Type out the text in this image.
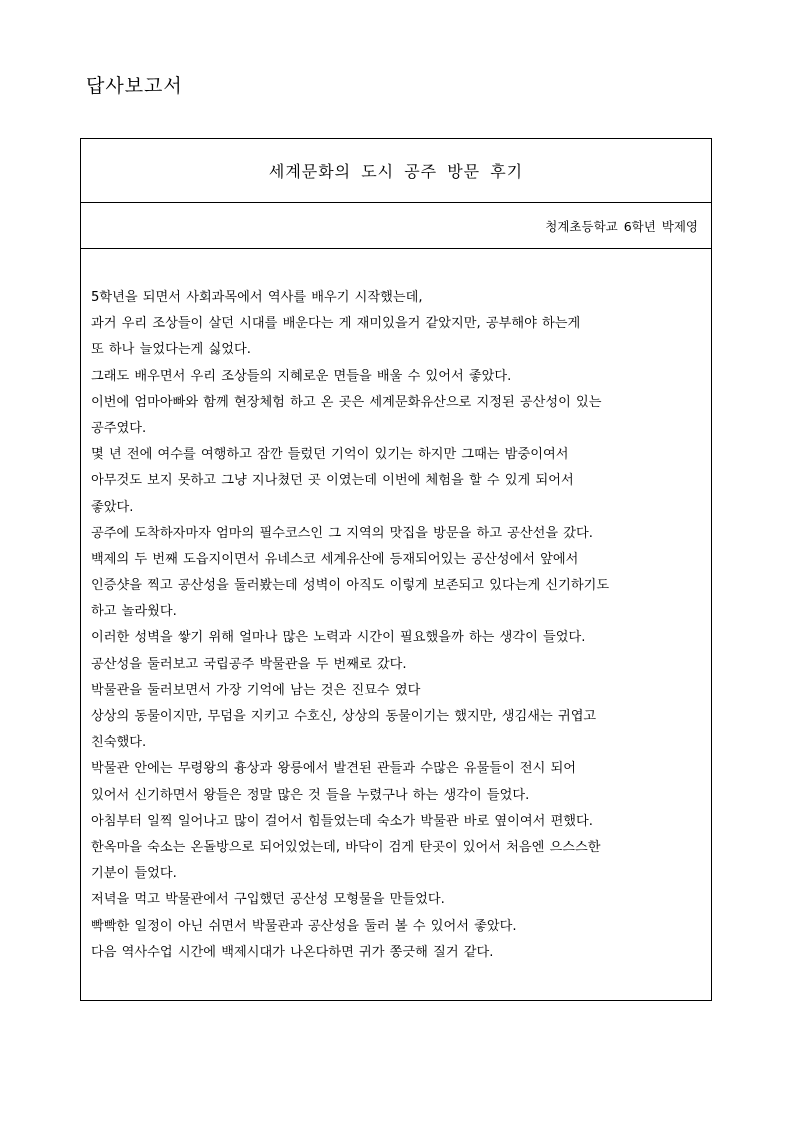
답사보고서
세계문화의 도시 공주 방문 후기
청계초등학교 6학년 박제영
5학년을 되면서 사회과목에서 역사를 배우기 시작했는데,
과거 우리 조상들이 살던 시대를 배운다는 게 재미있을거 같았지만, 공부해야 하는게
또 하나 늘었다는게 싫었다.
그래도 배우면서 우리 조상들의 지혜로운 면들을 배울 수 있어서 좋았다.
이번에 엄마아빠와 함께 현장체험 하고 온 곳은 세계문화유산으로 지정된 공산성이 있는
공주였다.
몇 년 전에 여수를 여행하고 잠깐 들렀던 기억이 있기는 하지만 그때는 밤중이여서
아무것도 보지 못하고 그냥 지나쳤던 곳 이였는데 이번에 체험을 할 수 있게 되어서
좋았다.
공주에 도착하자마자 엄마의 필수코스인 그 지역의 맛집을 방문을 하고 공산선을 갔다.
백제의 두 번째 도읍지이면서 유네스코 세계유산에 등재되어있는 공산성에서 앞에서
인증샷을 찍고 공산성을 둘러봤는데 성벽이 아직도 이렇게 보존되고 있다는게 신기하기도
하고 놀라웠다.
이러한 성벽을 쌓기 위해 얼마나 많은 노력과 시간이 필요했을까 하는 생각이 들었다.
공산성을 둘러보고 국립공주 박물관을 두 번째로 갔다.
박물관을 둘러보면서 가장 기억에 남는 것은 진묘수 였다
상상의 동물이지만, 무덤을 지키고 수호신, 상상의 동물이기는 했지만, 생김새는 귀엽고
친숙했다.
박물관 안에는 무령왕의 흉상과 왕릉에서 발견된 관들과 수많은 유물들이 전시 되어
있어서 신기하면서 왕들은 정말 많은 것 들을 누렸구나 하는 생각이 들었다.
아침부터 일찍 일어나고 많이 걸어서 힘들었는데 숙소가 박물관 바로 옆이여서 편했다.
한옥마을 숙소는 온돌방으로 되어있었는데, 바닥이 검게 탄곳이 있어서 처음엔 으스스한
기분이 들었다.
저녁을 먹고 박물관에서 구입했던 공산성 모형물을 만들었다.
빡빡한 일정이 아닌 쉬면서 박물관과 공산성을 둘러 볼 수 있어서 좋았다.
다음 역사수업 시간에 백제시대가 나온다하면 귀가 쫑긋해 질거 같다.
